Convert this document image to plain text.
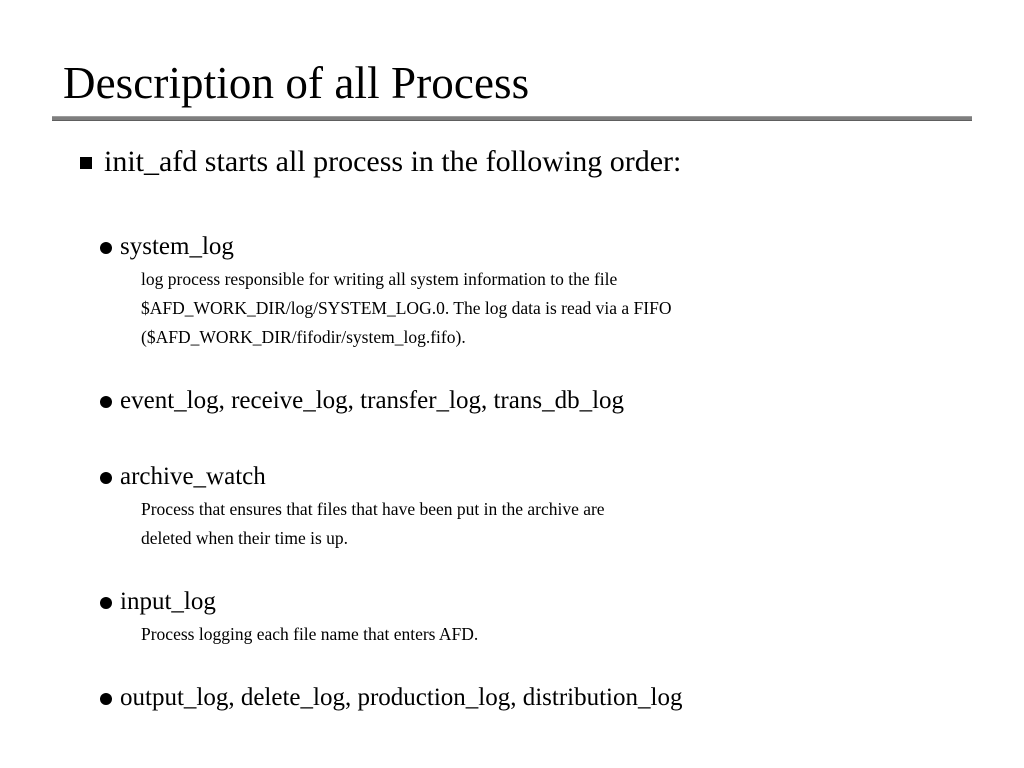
Description of all Process
init_afd starts all process in the following order:
system_log
log process responsible for writing all system information to the file
$AFD_WORK_DIR/log/SYSTEM_LOG.0. The log data is read via a FIFO
($AFD_WORK_DIR/fifodir/system_log.fifo).
event_log, receive_log, transfer_log, trans_db_log
archive_watch
Process that ensures that files that have been put in the archive are
deleted when their time is up.
input_log
Process logging each file name that enters AFD.
output_log, delete_log, production_log, distribution_log
